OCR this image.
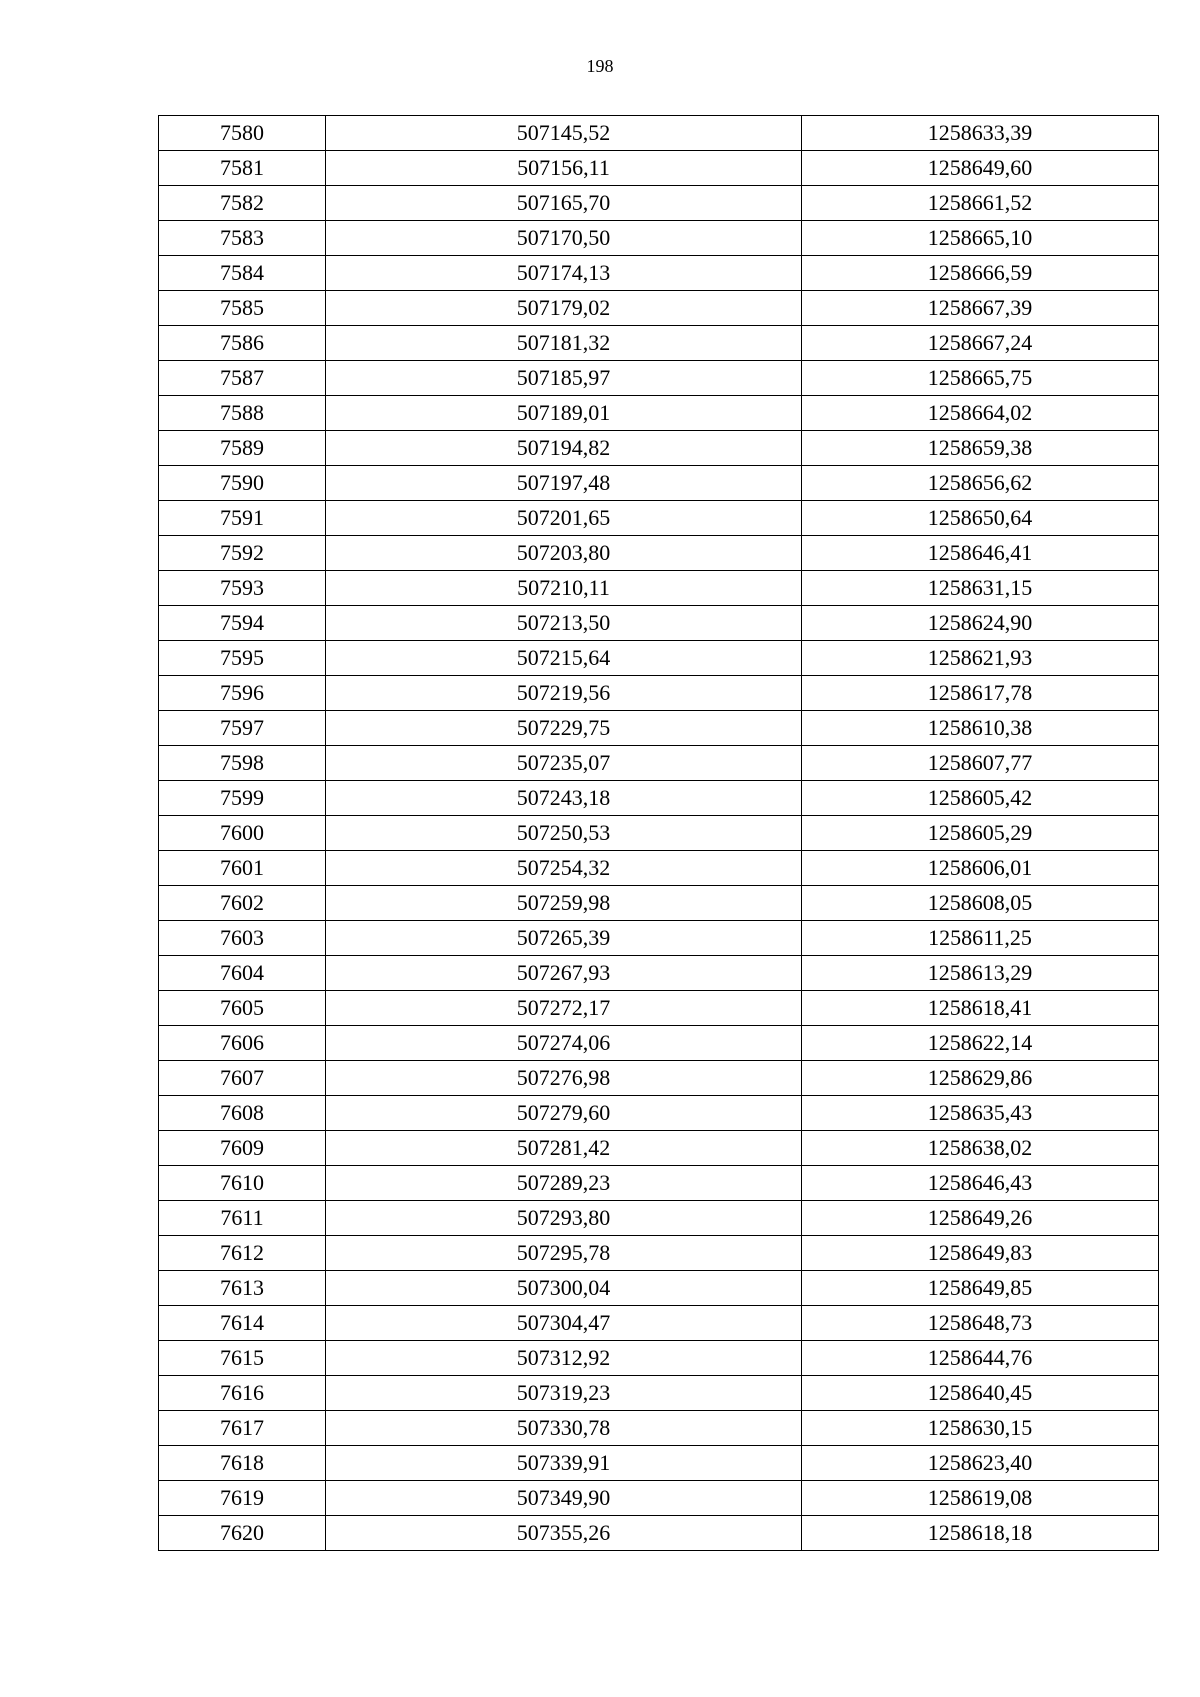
198
7580	507145,52	1258633,39
7581	507156,11	1258649,60
7582	507165,70	1258661,52
7583	507170,50	1258665,10
7584	507174,13	1258666,59
7585	507179,02	1258667,39
7586	507181,32	1258667,24
7587	507185,97	1258665,75
7588	507189,01	1258664,02
7589	507194,82	1258659,38
7590	507197,48	1258656,62
7591	507201,65	1258650,64
7592	507203,80	1258646,41
7593	507210,11	1258631,15
7594	507213,50	1258624,90
7595	507215,64	1258621,93
7596	507219,56	1258617,78
7597	507229,75	1258610,38
7598	507235,07	1258607,77
7599	507243,18	1258605,42
7600	507250,53	1258605,29
7601	507254,32	1258606,01
7602	507259,98	1258608,05
7603	507265,39	1258611,25
7604	507267,93	1258613,29
7605	507272,17	1258618,41
7606	507274,06	1258622,14
7607	507276,98	1258629,86
7608	507279,60	1258635,43
7609	507281,42	1258638,02
7610	507289,23	1258646,43
7611	507293,80	1258649,26
7612	507295,78	1258649,83
7613	507300,04	1258649,85
7614	507304,47	1258648,73
7615	507312,92	1258644,76
7616	507319,23	1258640,45
7617	507330,78	1258630,15
7618	507339,91	1258623,40
7619	507349,90	1258619,08
7620	507355,26	1258618,18
